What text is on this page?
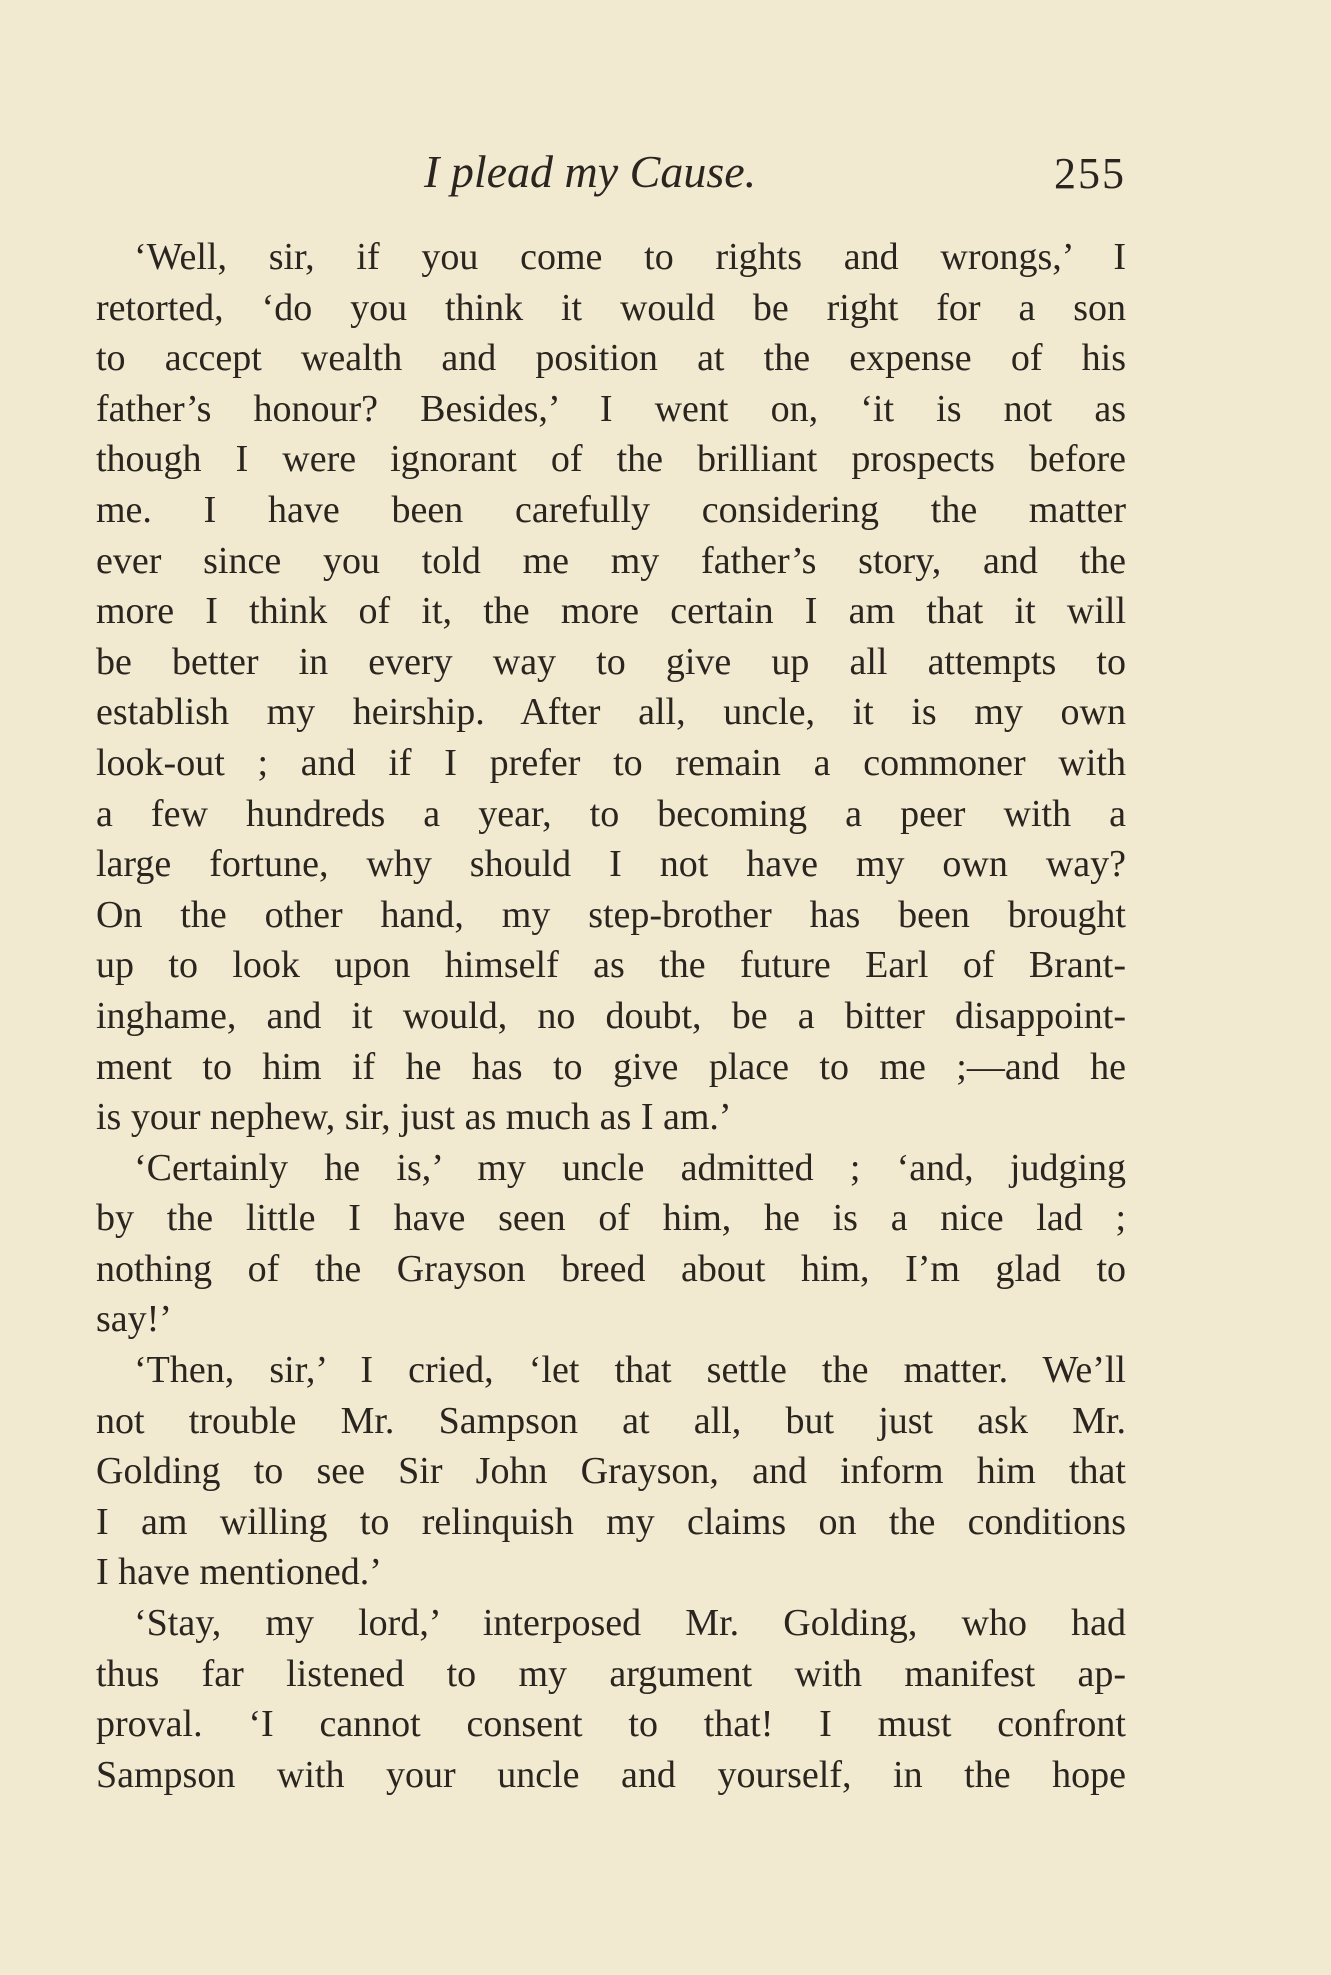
I plead my Cause.	255
‘Well, sir, if you come to rights and wrongs,’ I
retorted, ‘do you think it would be right for a son
to accept wealth and position at the expense of his
father’s honour? Besides,’ I went on, ‘it is not as
though I were ignorant of the brilliant prospects before
me. I have been carefully considering the matter
ever since you told me my father’s story, and the
more I think of it, the more certain I am that it will
be better in every way to give up all attempts to
establish my heirship. After all, uncle, it is my own
look-out ; and if I prefer to remain a commoner with
a few hundreds a year, to becoming a peer with a
large fortune, why should I not have my own way?
On the other hand, my step-brother has been brought
up to look upon himself as the future Earl of Brant-
inghame, and it would, no doubt, be a bitter disappoint-
ment to him if he has to give place to me ;—and he
is your nephew, sir, just as much as I am.’
‘Certainly he is,’ my uncle admitted ; ‘and, judging
by the little I have seen of him, he is a nice lad ;
nothing of the Grayson breed about him, I’m glad to
say!’
‘Then, sir,’ I cried, ‘let that settle the matter. We’ll
not trouble Mr. Sampson at all, but just ask Mr.
Golding to see Sir John Grayson, and inform him that
I am willing to relinquish my claims on the conditions
I have mentioned.’
‘Stay, my lord,’ interposed Mr. Golding, who had
thus far listened to my argument with manifest ap-
proval. ‘I cannot consent to that! I must confront
Sampson with your uncle and yourself, in the hope
